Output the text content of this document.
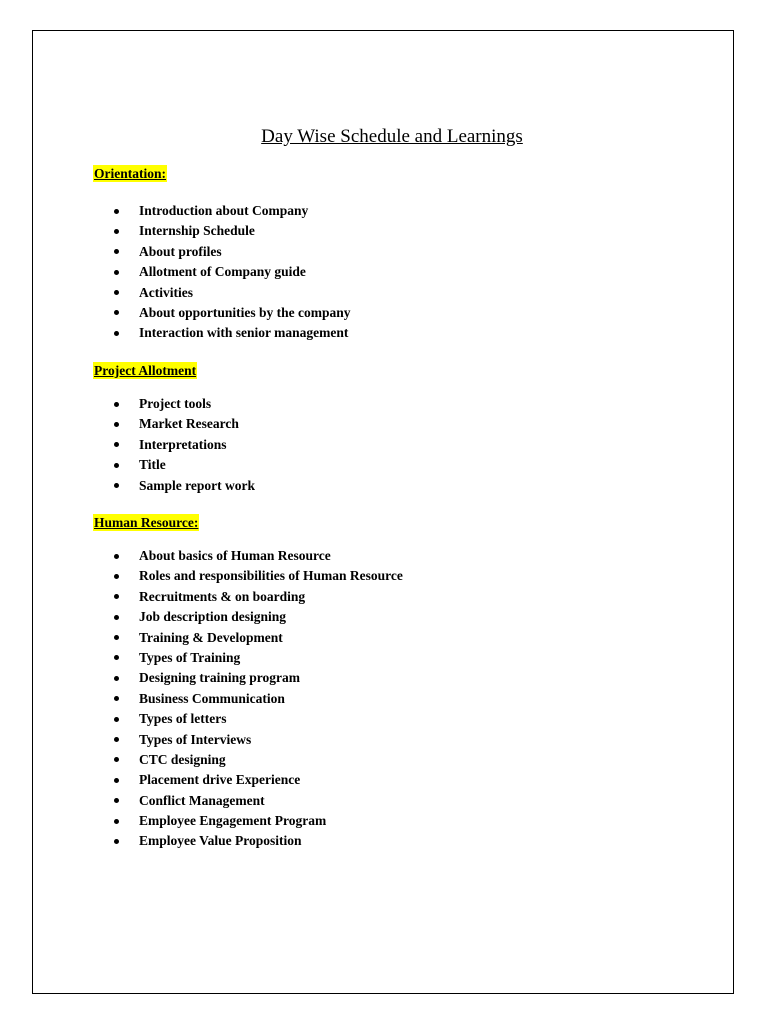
Day Wise Schedule and Learnings
Orientation:
Introduction about Company
Internship Schedule
About profiles
Allotment of Company guide
Activities
About opportunities by the company
Interaction with senior management
Project Allotment
Project tools
Market Research
Interpretations
Title
Sample report work
Human Resource:
About basics of Human Resource
Roles and responsibilities of Human Resource
Recruitments & on boarding
Job description designing
Training & Development
Types of Training
Designing training program
Business Communication
Types of letters
Types of Interviews
CTC designing
Placement drive Experience
Conflict Management
Employee Engagement Program
Employee Value Proposition
